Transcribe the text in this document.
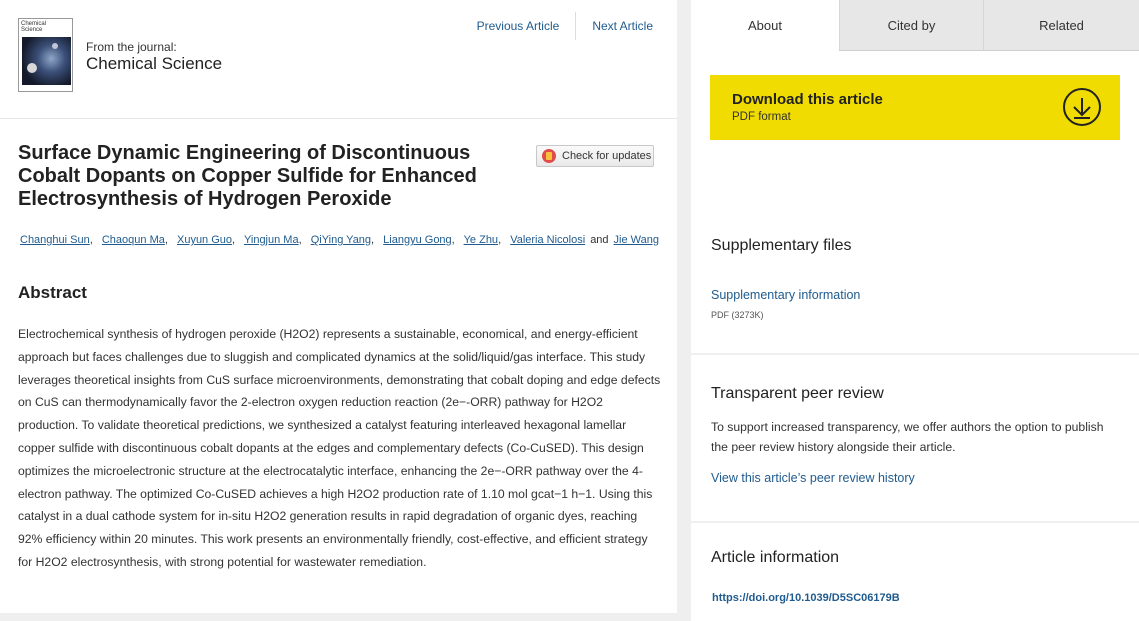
Chemical
Science
From the journal:
Chemical Science
Previous Article	Next Article
Surface Dynamic Engineering of Discontinuous Cobalt Dopants on Copper Sulfide for Enhanced Electrosynthesis of Hydrogen Peroxide
Check for updates
Changhui Sun, Chaoqun Ma, Xuyun Guo, Yingjun Ma, QiYing Yang, Liangyu Gong, Ye Zhu, Valeria Nicolosi and Jie Wang
Abstract

Electrochemical synthesis of hydrogen peroxide (H2O2) represents a sustainable, economical, and energy-efficient approach but faces challenges due to sluggish and complicated dynamics at the solid/liquid/gas interface. This study leverages theoretical insights from CuS surface microenvironments, demonstrating that cobalt doping and edge defects on CuS can thermodynamically favor the 2-electron oxygen reduction reaction (2e−-ORR) pathway for H2O2 production. To validate theoretical predictions, we synthesized a catalyst featuring interleaved hexagonal lamellar copper sulfide with discontinuous cobalt dopants at the edges and complementary defects (Co-CuSED). This design optimizes the microelectronic structure at the electrocatalytic interface, enhancing the 2e−-ORR pathway over the 4-electron pathway. The optimized Co-CuSED achieves a high H2O2 production rate of 1.10 mol gcat−1 h−1. Using this catalyst in a dual cathode system for in-situ H2O2 generation results in rapid degradation of organic dyes, reaching 92% efficiency within 20 minutes. This work presents an environmentally friendly, cost-effective, and efficient strategy for H2O2 electrosynthesis, with strong potential for wastewater remediation.

About	Cited by	Related
Download this article
PDF format
Supplementary files
Supplementary information
PDF (3273K)
Transparent peer review

To support increased transparency, we offer authors the option to publish the peer review history alongside their article.

View this article’s peer review history
Article information
https://doi.org/10.1039/D5SC06179B
